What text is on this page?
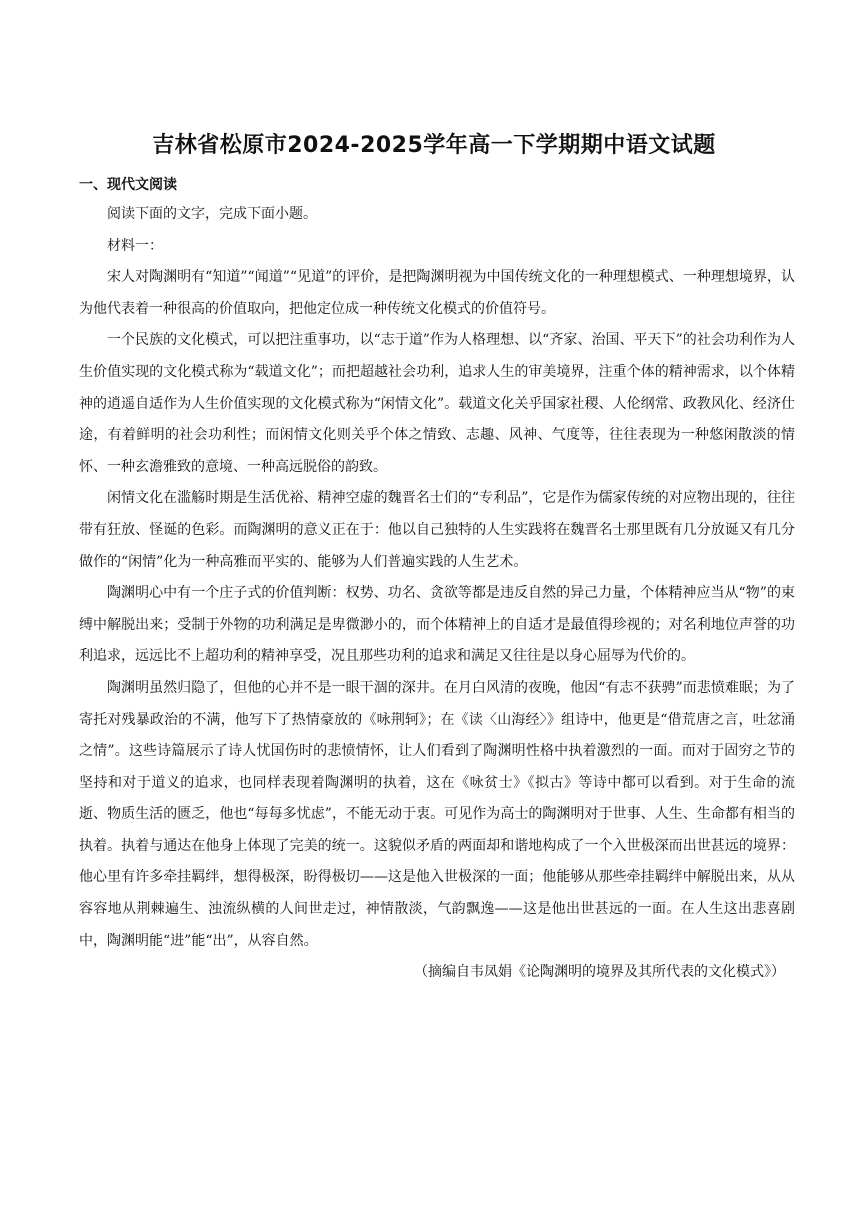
吉林省松原市2024-2025学年高一下学期期中语文试题
一、现代文阅读

阅读下面的文字，完成下面小题。

材料一：

宋人对陶渊明有“知道”“闻道”“见道”的评价，是把陶渊明视为中国传统文化的一种理想模式、一种理想境界，认为他代表着一种很高的价值取向，把他定位成一种传统文化模式的价值符号。

一个民族的文化模式，可以把注重事功，以“志于道”作为人格理想、以“齐家、治国、平天下”的社会功利作为人生价值实现的文化模式称为“载道文化”；而把超越社会功利，追求人生的审美境界，注重个体的精神需求，以个体精神的逍遥自适作为人生价值实现的文化模式称为“闲情文化”。载道文化关乎国家社稷、人伦纲常、政教风化、经济仕途，有着鲜明的社会功利性；而闲情文化则关乎个体之情致、志趣、风神、气度等，往往表现为一种悠闲散淡的情怀、一种玄澹雅致的意境、一种高远脱俗的韵致。

闲情文化在滥觞时期是生活优裕、精神空虚的魏晋名士们的“专利品”，它是作为儒家传统的对应物出现的，往往带有狂放、怪诞的色彩。而陶渊明的意义正在于：他以自己独特的人生实践将在魏晋名士那里既有几分放诞又有几分做作的“闲情”化为一种高雅而平实的、能够为人们普遍实践的人生艺术。

陶渊明心中有一个庄子式的价值判断：权势、功名、贪欲等都是违反自然的异己力量，个体精神应当从“物”的束缚中解脱出来；受制于外物的功利满足是卑微渺小的，而个体精神上的自适才是最值得珍视的；对名利地位声誉的功利追求，远远比不上超功利的精神享受，况且那些功利的追求和满足又往往是以身心屈辱为代价的。

陶渊明虽然归隐了，但他的心并不是一眼干涸的深井。在月白风清的夜晚，他因“有志不获骋”而悲愤难眠；为了寄托对残暴政治的不满，他写下了热情豪放的《咏荆轲》；在《读〈山海经〉》组诗中，他更是“借荒唐之言，吐忿涌之情”。这些诗篇展示了诗人忧国伤时的悲愤情怀，让人们看到了陶渊明性格中执着激烈的一面。而对于固穷之节的坚持和对于道义的追求，也同样表现着陶渊明的执着，这在《咏贫士》《拟古》等诗中都可以看到。对于生命的流逝、物质生活的匮乏，他也“每每多忧虑”，不能无动于衷。可见作为高士的陶渊明对于世事、人生、生命都有相当的执着。执着与通达在他身上体现了完美的统一。这貌似矛盾的两面却和谐地构成了一个入世极深而出世甚远的境界：他心里有许多牵挂羁绊，想得极深，盼得极切——这是他入世极深的一面；他能够从那些牵挂羁绊中解脱出来，从从容容地从荆棘遍生、浊流纵横的人间世走过，神情散淡，气韵飘逸——这是他出世甚远的一面。在人生这出悲喜剧中，陶渊明能“进”能“出”，从容自然。

（摘编自韦凤娟《论陶渊明的境界及其所代表的文化模式》）
